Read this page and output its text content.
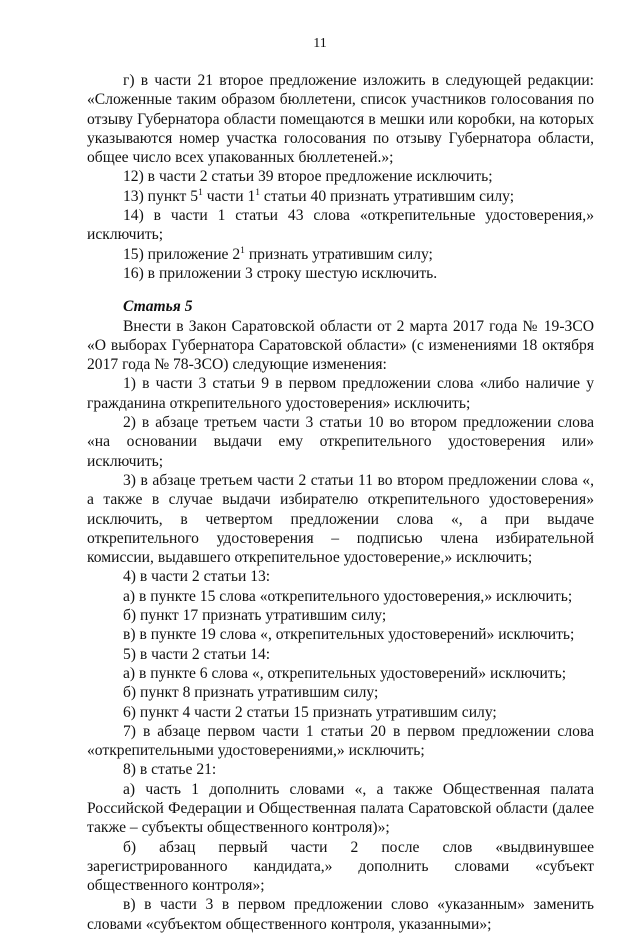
11

г) в части 21 второе предложение изложить в следующей редакции: «Сложенные таким образом бюллетени, список участников голосования по отзыву Губернатора области помещаются в мешки или коробки, на которых указываются номер участка голосования по отзыву Губернатора области, общее число всех упакованных бюллетеней.»;

12) в части 2 статьи 39 второе предложение исключить;

13) пункт $5^1$ части $1^1$ статьи 40 признать утратившим силу;

14) в части 1 статьи 43 слова «открепительные удостоверения,» исключить;

15) приложение $2^1$ признать утратившим силу;

16) в приложении 3 строку шестую исключить.

Статья 5

Внести в Закон Саратовской области от 2 марта 2017 года № 19-ЗСО «О выборах Губернатора Саратовской области» (с изменениями 18 октября 2017 года № 78-ЗСО) следующие изменения:

1) в части 3 статьи 9 в первом предложении слова «либо наличие у гражданина открепительного удостоверения» исключить;

2) в абзаце третьем части 3 статьи 10 во втором предложении слова «на основании выдачи ему открепительного удостоверения или» исключить;

3) в абзаце третьем части 2 статьи 11 во втором предложении слова «, а также в случае выдачи избирателю открепительного удостоверения» исключить, в четвертом предложении слова «, а при выдаче открепительного удостоверения – подписью члена избирательной комиссии, выдавшего открепительное удостоверение,» исключить;

4) в части 2 статьи 13:

а) в пункте 15 слова «открепительного удостоверения,» исключить;

б) пункт 17 признать утратившим силу;

в) в пункте 19 слова «, открепительных удостоверений» исключить;

5) в части 2 статьи 14:

а) в пункте 6 слова «, открепительных удостоверений» исключить;

б) пункт 8 признать утратившим силу;

6) пункт 4 части 2 статьи 15 признать утратившим силу;

7) в абзаце первом части 1 статьи 20 в первом предложении слова «открепительными удостоверениями,» исключить;

8) в статье 21:

а) часть 1 дополнить словами «, а также Общественная палата Российской Федерации и Общественная палата Саратовской области (далее также – субъекты общественного контроля)»;

б) абзац первый части 2 после слов «выдвинувшее зарегистрированного кандидата,» дополнить словами «субъект общественного контроля»;

в) в части 3 в первом предложении слово «указанным» заменить словами «субъектом общественного контроля, указанными»;
